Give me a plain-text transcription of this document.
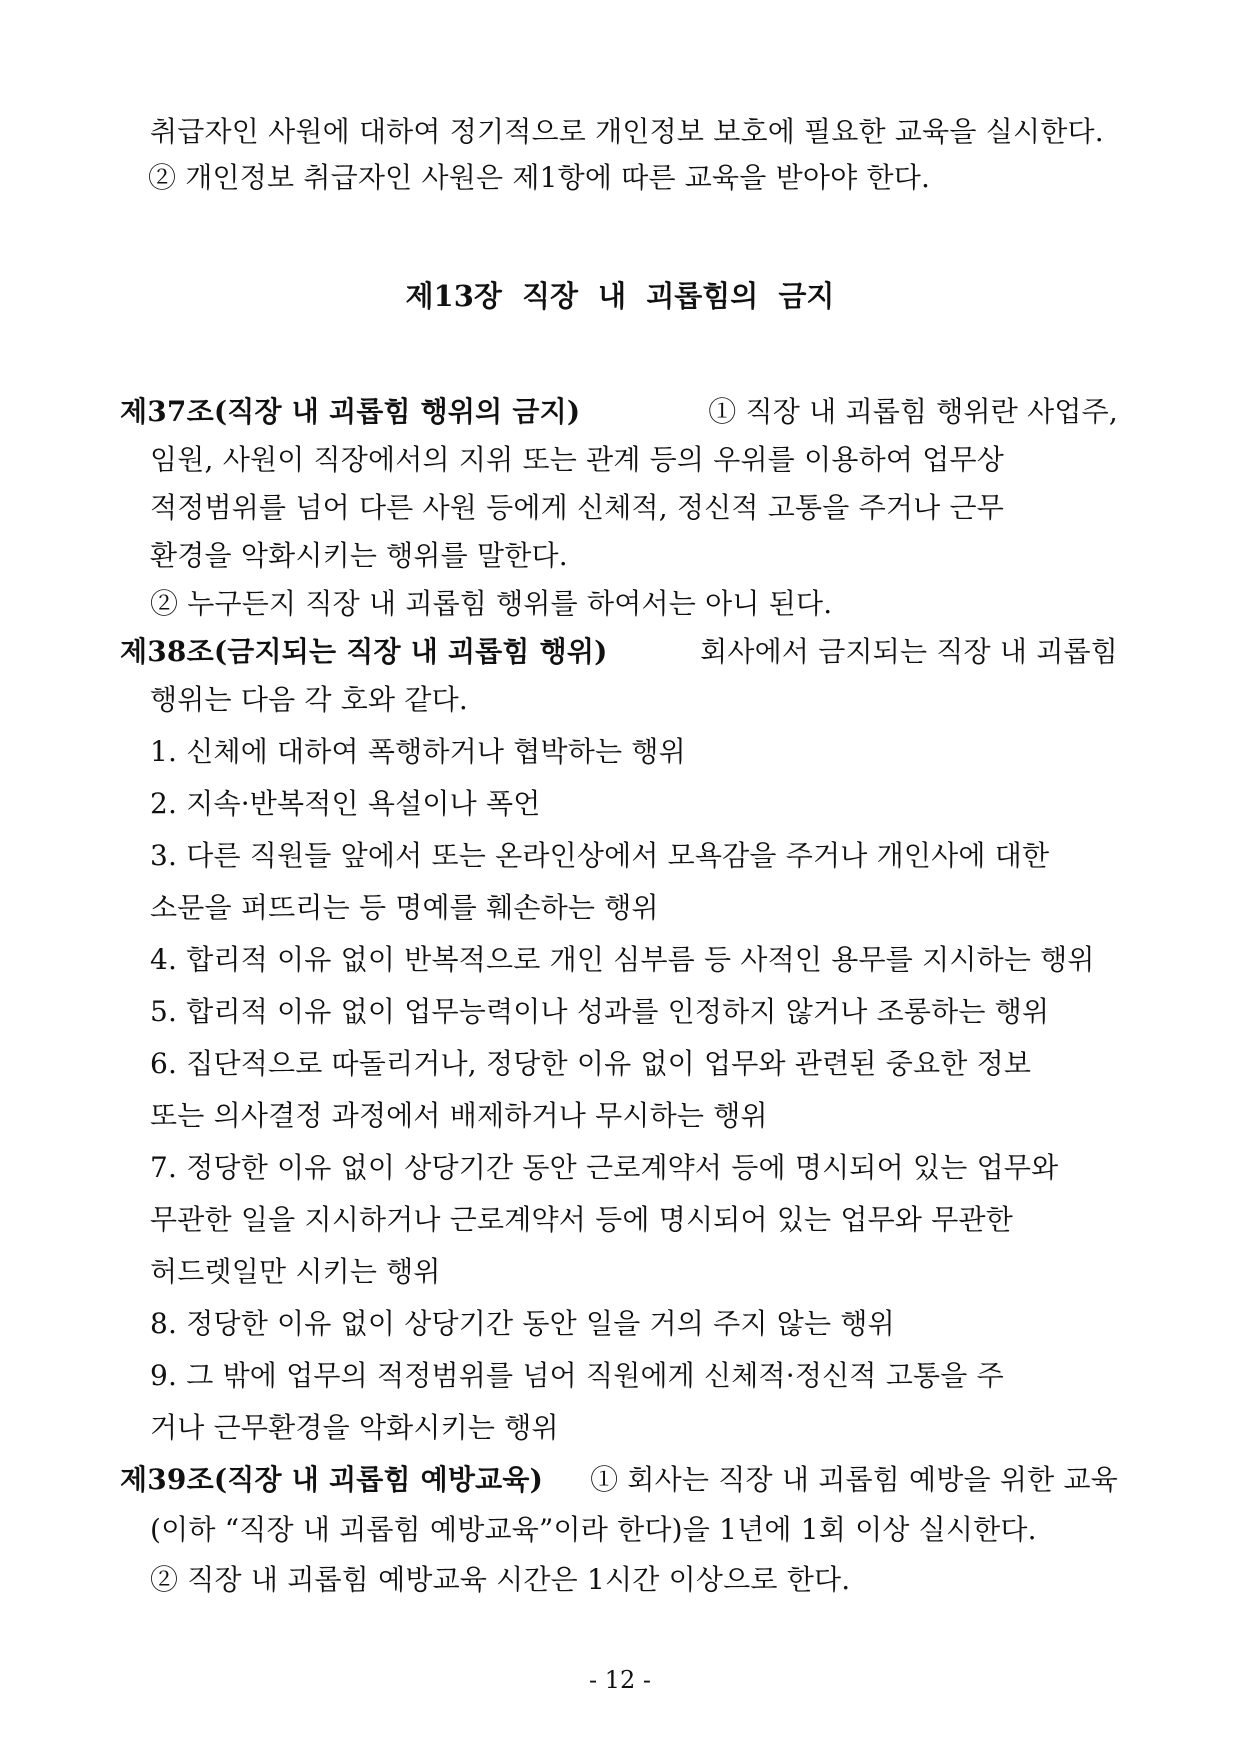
취급자인 사원에 대하여 정기적으로 개인정보 보호에 필요한 교육을 실시한다.
② 개인정보 취급자인 사원은 제1항에 따른 교육을 받아야 한다.
제13장 직장 내 괴롭힘의 금지
제37조(직장 내 괴롭힘 행위의 금지)	① 직장 내 괴롭힘 행위란 사업주,
임원, 사원이 직장에서의 지위 또는 관계 등의 우위를 이용하여 업무상
적정범위를 넘어 다른 사원 등에게 신체적, 정신적 고통을 주거나 근무
환경을 악화시키는 행위를 말한다.
② 누구든지 직장 내 괴롭힘 행위를 하여서는 아니 된다.
제38조(금지되는 직장 내 괴롭힘 행위)	회사에서 금지되는 직장 내 괴롭힘
행위는 다음 각 호와 같다.
1. 신체에 대하여 폭행하거나 협박하는 행위
2. 지속·반복적인 욕설이나 폭언
3. 다른 직원들 앞에서 또는 온라인상에서 모욕감을 주거나 개인사에 대한
소문을 퍼뜨리는 등 명예를 훼손하는 행위
4. 합리적 이유 없이 반복적으로 개인 심부름 등 사적인 용무를 지시하는 행위
5. 합리적 이유 없이 업무능력이나 성과를 인정하지 않거나 조롱하는 행위
6. 집단적으로 따돌리거나, 정당한 이유 없이 업무와 관련된 중요한 정보
또는 의사결정 과정에서 배제하거나 무시하는 행위
7. 정당한 이유 없이 상당기간 동안 근로계약서 등에 명시되어 있는 업무와
무관한 일을 지시하거나 근로계약서 등에 명시되어 있는 업무와 무관한
허드렛일만 시키는 행위
8. 정당한 이유 없이 상당기간 동안 일을 거의 주지 않는 행위
9. 그 밖에 업무의 적정범위를 넘어 직원에게 신체적·정신적 고통을 주
거나 근무환경을 악화시키는 행위
제39조(직장 내 괴롭힘 예방교육) ① 회사는 직장 내 괴롭힘 예방을 위한 교육
(이하 “직장 내 괴롭힘 예방교육”이라 한다)을 1년에 1회 이상 실시한다.
② 직장 내 괴롭힘 예방교육 시간은 1시간 이상으로 한다.
- 12 -
